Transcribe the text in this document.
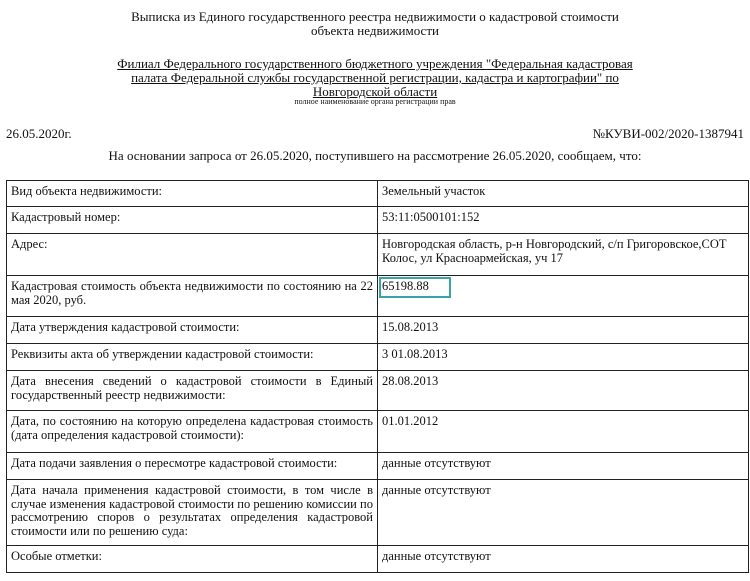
Выписка из Единого государственного реестра недвижимости о кадастровой стоимости
объекта недвижимости
Филиал Федерального государственного бюджетного учреждения "Федеральная кадастровая
палата Федеральной службы государственной регистрации, кадастра и картографии" по
Новгородской области
полное наименование органа регистрации прав
26.05.2020г.	№КУВИ-002/2020-1387941
На основании запроса от 26.05.2020, поступившего на рассмотрение 26.05.2020, сообщаем, что:
Вид объекта недвижимости:	Земельный участок
Кадастровый номер:	53:11:0500101:152
Адрес:	Новгородская область, р-н Новгородский, с/п Григоровское,СОТ Колос, ул Красноармейская, уч 17
Кадастровая стоимость объекта недвижимости по состоянию на 22 мая 2020, руб.	65198.88
Дата утверждения кадастровой стоимости:	15.08.2013
Реквизиты акта об утверждении кадастровой стоимости:	3 01.08.2013
Дата внесения сведений о кадастровой стоимости в Единый государственный реестр недвижимости:	28.08.2013
Дата, по состоянию на которую определена кадастровая стоимость (дата определения кадастровой стоимости):	01.01.2012
Дата подачи заявления о пересмотре кадастровой стоимости:	данные отсутствуют
Дата начала применения кадастровой стоимости, в том числе в случае изменения кадастровой стоимости по решению комиссии по рассмотрению споров о результатах определения кадастровой стоимости или по решению суда:	данные отсутствуют
Особые отметки:	данные отсутствуют
